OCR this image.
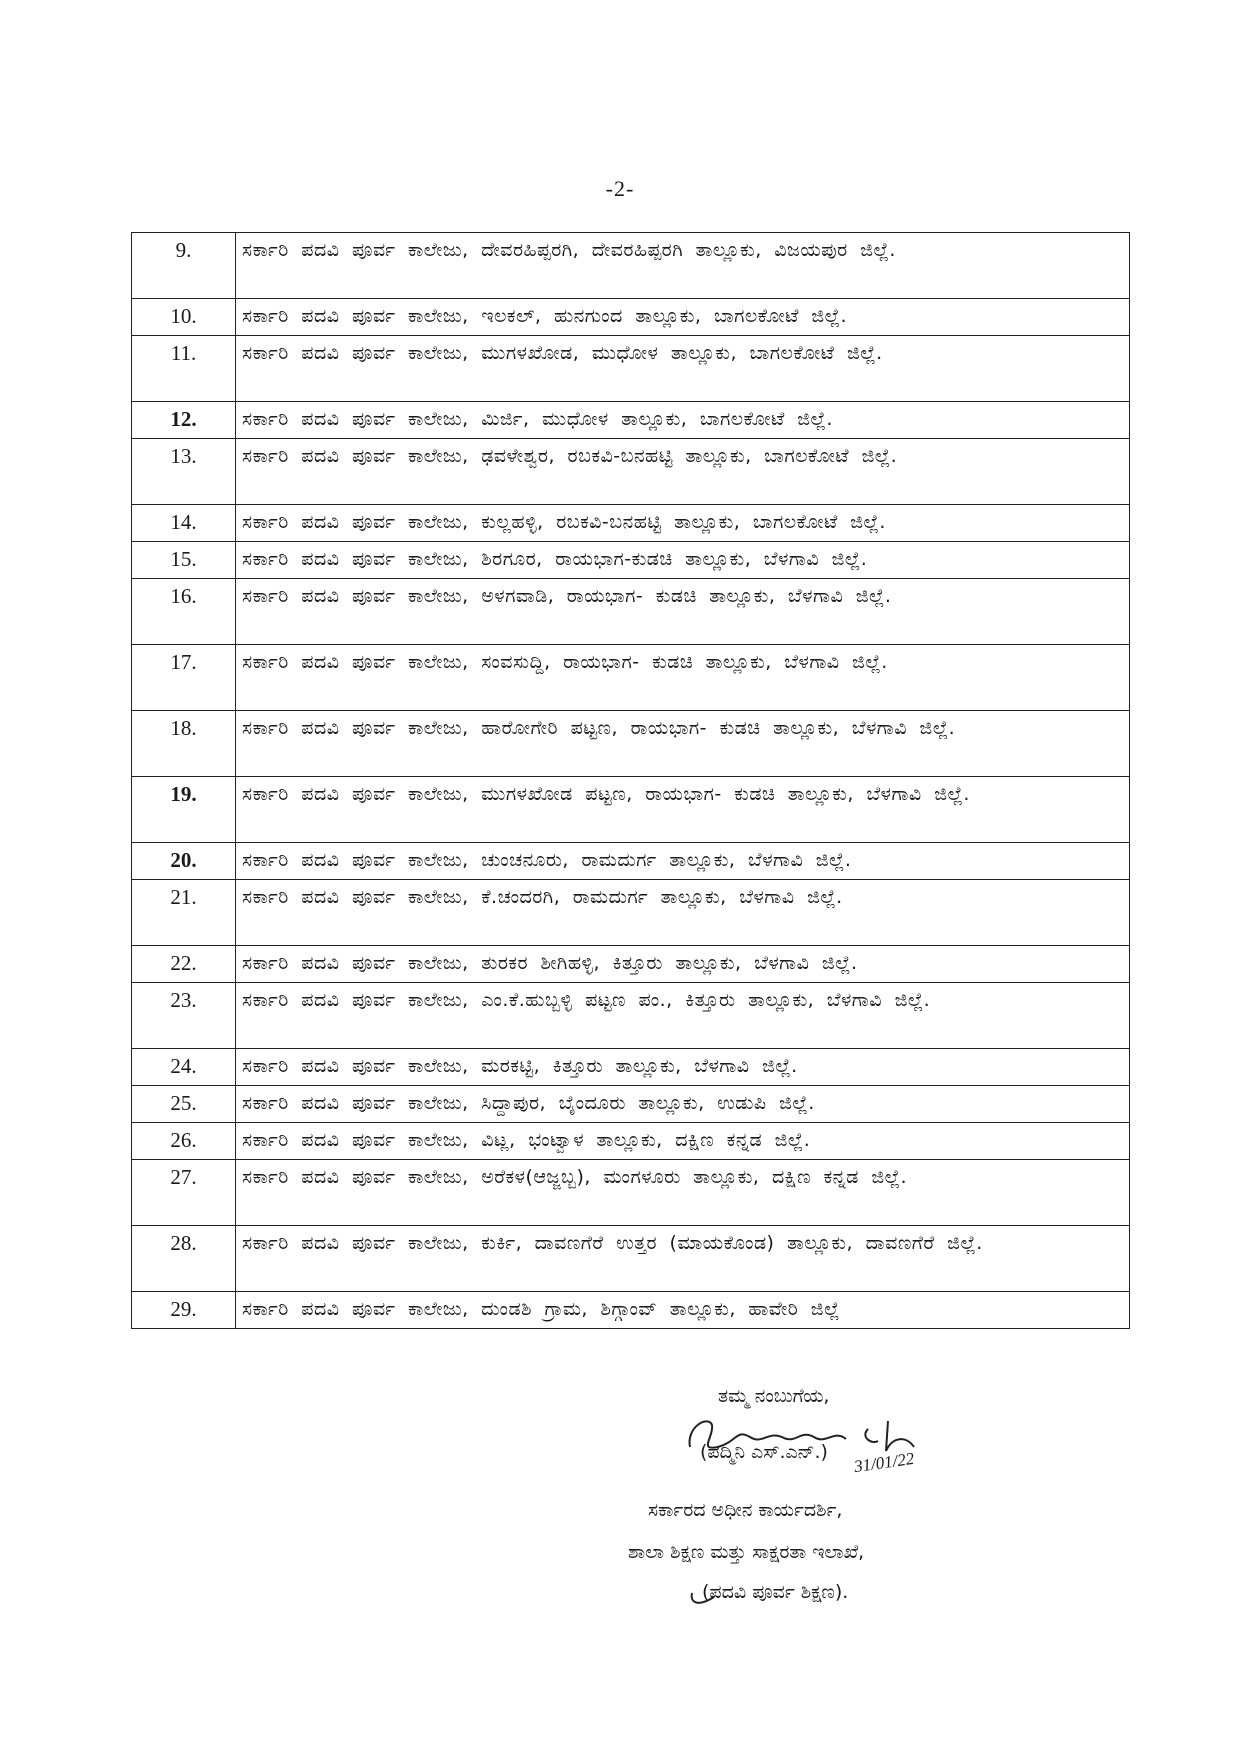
-2-
9.	ಸರ್ಕಾರಿ ಪದವಿ ಪೂರ್ವ ಕಾಲೇಜು, ದೇವರಹಿಪ್ಪರಗಿ, ದೇವರಹಿಪ್ಪರಗಿ ತಾಲ್ಲೂಕು, ವಿಜಯಪುರ ಜಿಲ್ಲೆ.
10.	ಸರ್ಕಾರಿ ಪದವಿ ಪೂರ್ವ ಕಾಲೇಜು, ಇಲಕಲ್, ಹುನಗುಂದ ತಾಲ್ಲೂಕು, ಬಾಗಲಕೋಟೆ ಜಿಲ್ಲೆ.
11.	ಸರ್ಕಾರಿ ಪದವಿ ಪೂರ್ವ ಕಾಲೇಜು, ಮುಗಳಖೋಡ, ಮುಧೋಳ ತಾಲ್ಲೂಕು, ಬಾಗಲಕೋಟೆ ಜಿಲ್ಲೆ.
12.	ಸರ್ಕಾರಿ ಪದವಿ ಪೂರ್ವ ಕಾಲೇಜು, ಮಿರ್ಜಿ, ಮುಧೋಳ ತಾಲ್ಲೂಕು, ಬಾಗಲಕೋಟೆ ಜಿಲ್ಲೆ.
13.	ಸರ್ಕಾರಿ ಪದವಿ ಪೂರ್ವ ಕಾಲೇಜು, ಢವಳೇಶ್ವರ, ರಬಕವಿ-ಬನಹಟ್ಟಿ ತಾಲ್ಲೂಕು, ಬಾಗಲಕೋಟೆ ಜಿಲ್ಲೆ.
14.	ಸರ್ಕಾರಿ ಪದವಿ ಪೂರ್ವ ಕಾಲೇಜು, ಕುಲ್ಲಹಳ್ಳಿ, ರಬಕವಿ-ಬನಹಟ್ಟಿ ತಾಲ್ಲೂಕು, ಬಾಗಲಕೋಟೆ ಜಿಲ್ಲೆ.
15.	ಸರ್ಕಾರಿ ಪದವಿ ಪೂರ್ವ ಕಾಲೇಜು, ಶಿರಗೂರ, ರಾಯಭಾಗ-ಕುಡಚಿ ತಾಲ್ಲೂಕು, ಬೆಳಗಾವಿ ಜಿಲ್ಲೆ.
16.	ಸರ್ಕಾರಿ ಪದವಿ ಪೂರ್ವ ಕಾಲೇಜು, ಅಳಗವಾಡಿ, ರಾಯಭಾಗ- ಕುಡಚಿ ತಾಲ್ಲೂಕು, ಬೆಳಗಾವಿ ಜಿಲ್ಲೆ.
17.	ಸರ್ಕಾರಿ ಪದವಿ ಪೂರ್ವ ಕಾಲೇಜು, ಸಂವಸುದ್ದಿ, ರಾಯಭಾಗ- ಕುಡಚಿ ತಾಲ್ಲೂಕು, ಬೆಳಗಾವಿ ಜಿಲ್ಲೆ.
18.	ಸರ್ಕಾರಿ ಪದವಿ ಪೂರ್ವ ಕಾಲೇಜು, ಹಾರೋಗೇರಿ ಪಟ್ಟಣ, ರಾಯಭಾಗ- ಕುಡಚಿ ತಾಲ್ಲೂಕು, ಬೆಳಗಾವಿ ಜಿಲ್ಲೆ.
19.	ಸರ್ಕಾರಿ ಪದವಿ ಪೂರ್ವ ಕಾಲೇಜು, ಮುಗಳಖೋಡ ಪಟ್ಟಣ, ರಾಯಭಾಗ- ಕುಡಚಿ ತಾಲ್ಲೂಕು, ಬೆಳಗಾವಿ ಜಿಲ್ಲೆ.
20.	ಸರ್ಕಾರಿ ಪದವಿ ಪೂರ್ವ ಕಾಲೇಜು, ಚುಂಚನೂರು, ರಾಮದುರ್ಗ ತಾಲ್ಲೂಕು, ಬೆಳಗಾವಿ ಜಿಲ್ಲೆ.
21.	ಸರ್ಕಾರಿ ಪದವಿ ಪೂರ್ವ ಕಾಲೇಜು, ಕೆ.ಚಂದರಗಿ, ರಾಮದುರ್ಗ ತಾಲ್ಲೂಕು, ಬೆಳಗಾವಿ ಜಿಲ್ಲೆ.
22.	ಸರ್ಕಾರಿ ಪದವಿ ಪೂರ್ವ ಕಾಲೇಜು, ತುರಕರ ಶೀಗಿಹಳ್ಳಿ, ಕಿತ್ತೂರು ತಾಲ್ಲೂಕು, ಬೆಳಗಾವಿ ಜಿಲ್ಲೆ.
23.	ಸರ್ಕಾರಿ ಪದವಿ ಪೂರ್ವ ಕಾಲೇಜು, ಎಂ.ಕೆ.ಹುಬ್ಬಳ್ಳಿ ಪಟ್ಟಣ ಪಂ., ಕಿತ್ತೂರು ತಾಲ್ಲೂಕು, ಬೆಳಗಾವಿ ಜಿಲ್ಲೆ.
24.	ಸರ್ಕಾರಿ ಪದವಿ ಪೂರ್ವ ಕಾಲೇಜು, ಮರಕಟ್ಟಿ, ಕಿತ್ತೂರು ತಾಲ್ಲೂಕು, ಬೆಳಗಾವಿ ಜಿಲ್ಲೆ.
25.	ಸರ್ಕಾರಿ ಪದವಿ ಪೂರ್ವ ಕಾಲೇಜು, ಸಿದ್ದಾಪುರ, ಬೈಂದೂರು ತಾಲ್ಲೂಕು, ಉಡುಪಿ ಜಿಲ್ಲೆ.
26.	ಸರ್ಕಾರಿ ಪದವಿ ಪೂರ್ವ ಕಾಲೇಜು, ವಿಟ್ಲ, ಭಂಟ್ವಾಳ ತಾಲ್ಲೂಕು, ದಕ್ಷಿಣ ಕನ್ನಡ ಜಿಲ್ಲೆ.
27.	ಸರ್ಕಾರಿ ಪದವಿ ಪೂರ್ವ ಕಾಲೇಜು, ಅರೆಕಳ(ಆಜ್ಜಬ್ಬ), ಮಂಗಳೂರು ತಾಲ್ಲೂಕು, ದಕ್ಷಿಣ ಕನ್ನಡ ಜಿಲ್ಲೆ.
28.	ಸರ್ಕಾರಿ ಪದವಿ ಪೂರ್ವ ಕಾಲೇಜು, ಕುರ್ಕಿ, ದಾವಣಗೆರೆ ಉತ್ತರ (ಮಾಯಕೊಂಡ) ತಾಲ್ಲೂಕು, ದಾವಣಗೆರೆ ಜಿಲ್ಲೆ.
29.	ಸರ್ಕಾರಿ ಪದವಿ ಪೂರ್ವ ಕಾಲೇಜು, ದುಂಡಶಿ ಗ್ರಾಮ, ಶಿಗ್ಗಾಂವ್ ತಾಲ್ಲೂಕು, ಹಾವೇರಿ ಜಿಲ್ಲೆ
ತಮ್ಮ ನಂಬುಗೆಯ,
31/01/22
(ಪದ್ಮಿನಿ ಎಸ್.ಎನ್.)
ಸರ್ಕಾರದ ಅಧೀನ ಕಾರ್ಯದರ್ಶಿ,
ಶಾಲಾ ಶಿಕ್ಷಣ ಮತ್ತು ಸಾಕ್ಷರತಾ ಇಲಾಖೆ,
(ಪದವಿ ಪೂರ್ವ ಶಿಕ್ಷಣ).
